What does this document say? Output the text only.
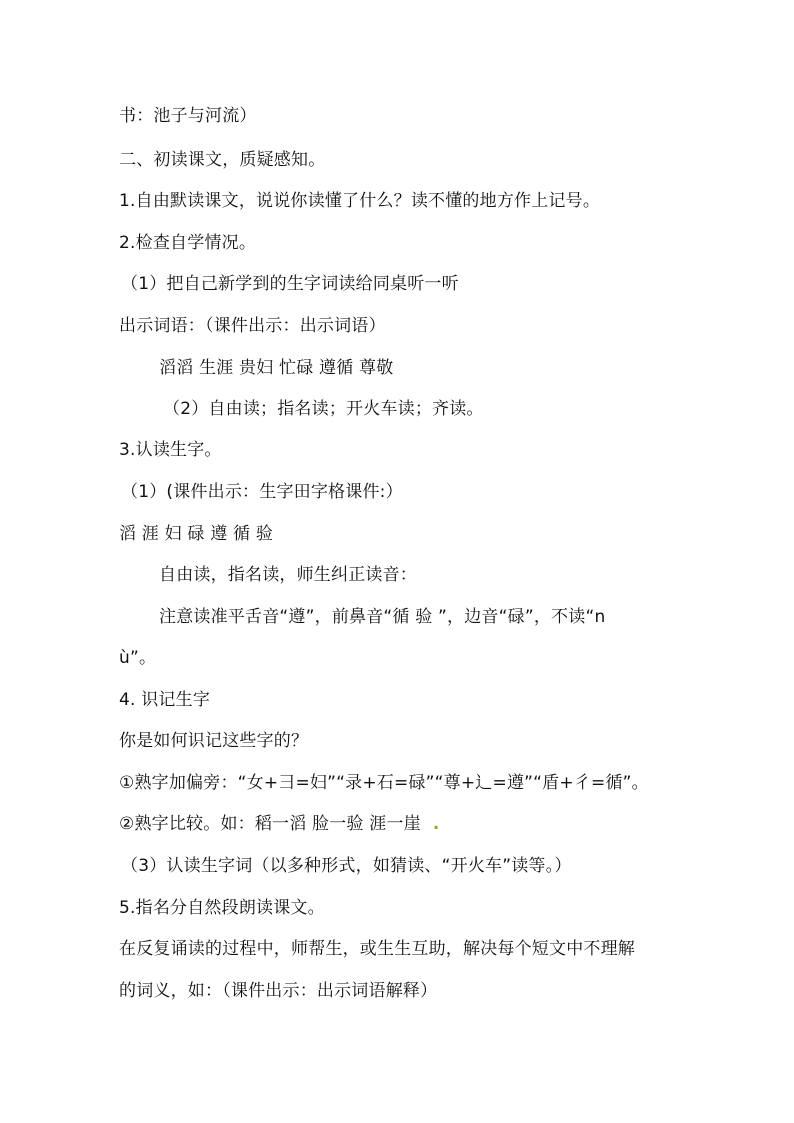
书：池子与河流）
二、初读课文，质疑感知。
1.自由默读课文，说说你读懂了什么？读不懂的地方作上记号。
2.检查自学情况。
（1）把自己新学到的生字词读给同桌听一听
出示词语：（课件出示：出示词语）
滔滔 生涯 贵妇 忙碌 遵循 尊敬
（2）自由读；指名读；开火车读；齐读。
3.认读生字。
（1）(课件出示：生字田字格课件:）
滔 涯 妇 碌 遵 循 验
自由读，指名读，师生纠正读音：
注意读准平舌音“遵”，前鼻音“循 验 ”，边音“碌”，不读“n
ù”。
4. 识记生字
你是如何识记这些字的？
①熟字加偏旁：“女+彐=妇”“录+石=碌”“尊+辶=遵”“盾+彳=循”。
②熟字比较。如：稻一滔 脸一验 涯一崖 .
（3）认读生字词（以多种形式，如猜读、“开火车”读等。）
5.指名分自然段朗读课文。
在反复诵读的过程中，师帮生，或生生互助，解决每个短文中不理解
的词义，如：（课件出示：出示词语解释）
